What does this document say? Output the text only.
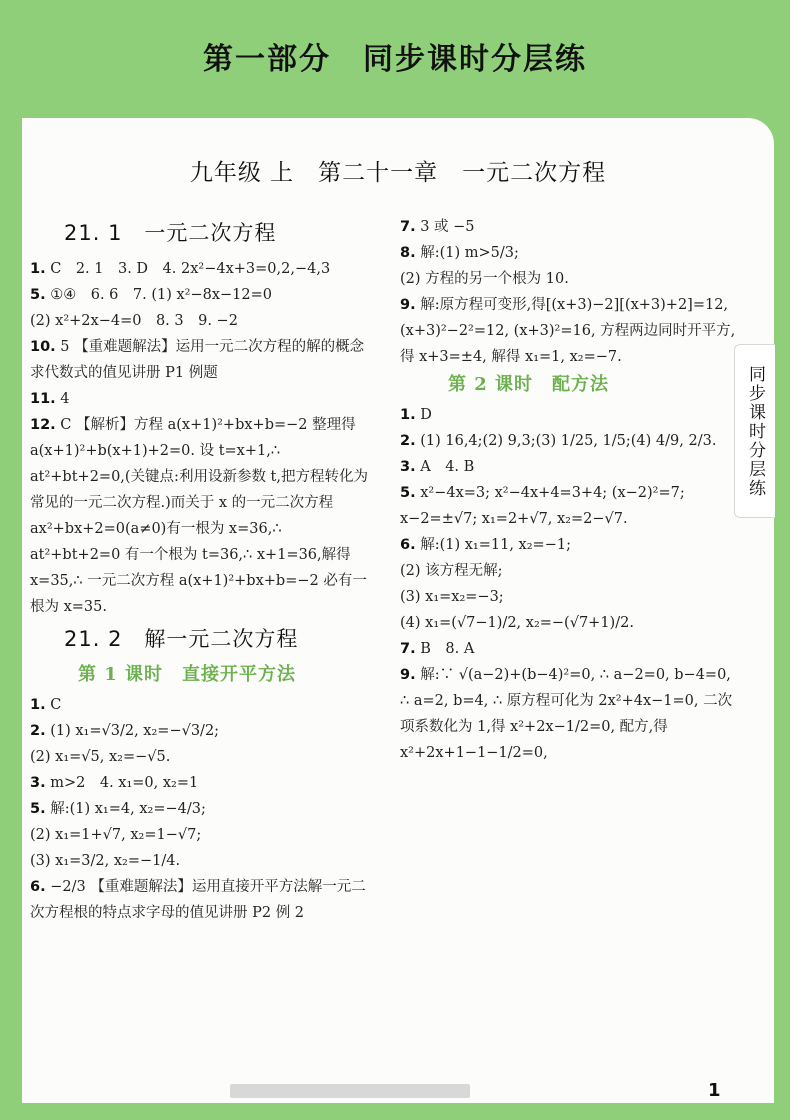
第一部分　同步课时分层练
九年级 上　第二十一章　一元二次方程
21. 1　一元二次方程
1. C　2. 1　3. D　4. 2x²−4x+3=0,2,−4,3
5. ①④　6. 6　7. (1) x²−8x−12=0
(2) x²+2x−4=0　8. 3　9. −2
10. 5 【重难题解法】运用一元二次方程的解的概念求代数式的值见讲册 P1 例题
11. 4
12. C 【解析】方程 a(x+1)²+bx+b=−2 整理得 a(x+1)²+b(x+1)+2=0. 设 t=x+1,∴ at²+bt+2=0,(关键点:利用设新参数 t,把方程转化为常见的一元二次方程.)而关于 x 的一元二次方程 ax²+bx+2=0(a≠0)有一根为 x=36,∴ at²+bt+2=0 有一个根为 t=36,∴ x+1=36,解得 x=35,∴ 一元二次方程 a(x+1)²+bx+b=−2 必有一根为 x=35.
21. 2　解一元二次方程
第 1 课时　直接开平方法
1. C
2. (1) x₁=√3/2, x₂=−√3/2;
(2) x₁=√5, x₂=−√5.
3. m>2　4. x₁=0, x₂=1
5. 解:(1) x₁=4, x₂=−4/3;
(2) x₁=1+√7, x₂=1−√7;
(3) x₁=3/2, x₂=−1/4.
6. −2/3 【重难题解法】运用直接开平方法解一元二次方程根的特点求字母的值见讲册 P2 例 2
7. 3 或 −5
8. 解:(1) m>5/3;
(2) 方程的另一个根为 10.
9. 解:原方程可变形,得[(x+3)−2][(x+3)+2]=12, (x+3)²−2²=12, (x+3)²=16, 方程两边同时开平方,得 x+3=±4, 解得 x₁=1, x₂=−7.
第 2 课时　配方法
1. D
2. (1) 16,4;(2) 9,3;(3) 1/25, 1/5;(4) 4/9, 2/3.
3. A　4. B
5. x²−4x=3; x²−4x+4=3+4; (x−2)²=7; x−2=±√7; x₁=2+√7, x₂=2−√7.
6. 解:(1) x₁=11, x₂=−1;
(2) 该方程无解;
(3) x₁=x₂=−3;
(4) x₁=(√7−1)/2, x₂=−(√7+1)/2.
7. B　8. A
9. 解:∵ √(a−2)+(b−4)²=0, ∴ a−2=0, b−4=0, ∴ a=2, b=4, ∴ 原方程可化为 2x²+4x−1=0, 二次项系数化为 1,得 x²+2x−1/2=0, 配方,得 x²+2x+1−1−1/2=0,
同步课时分层练
1
